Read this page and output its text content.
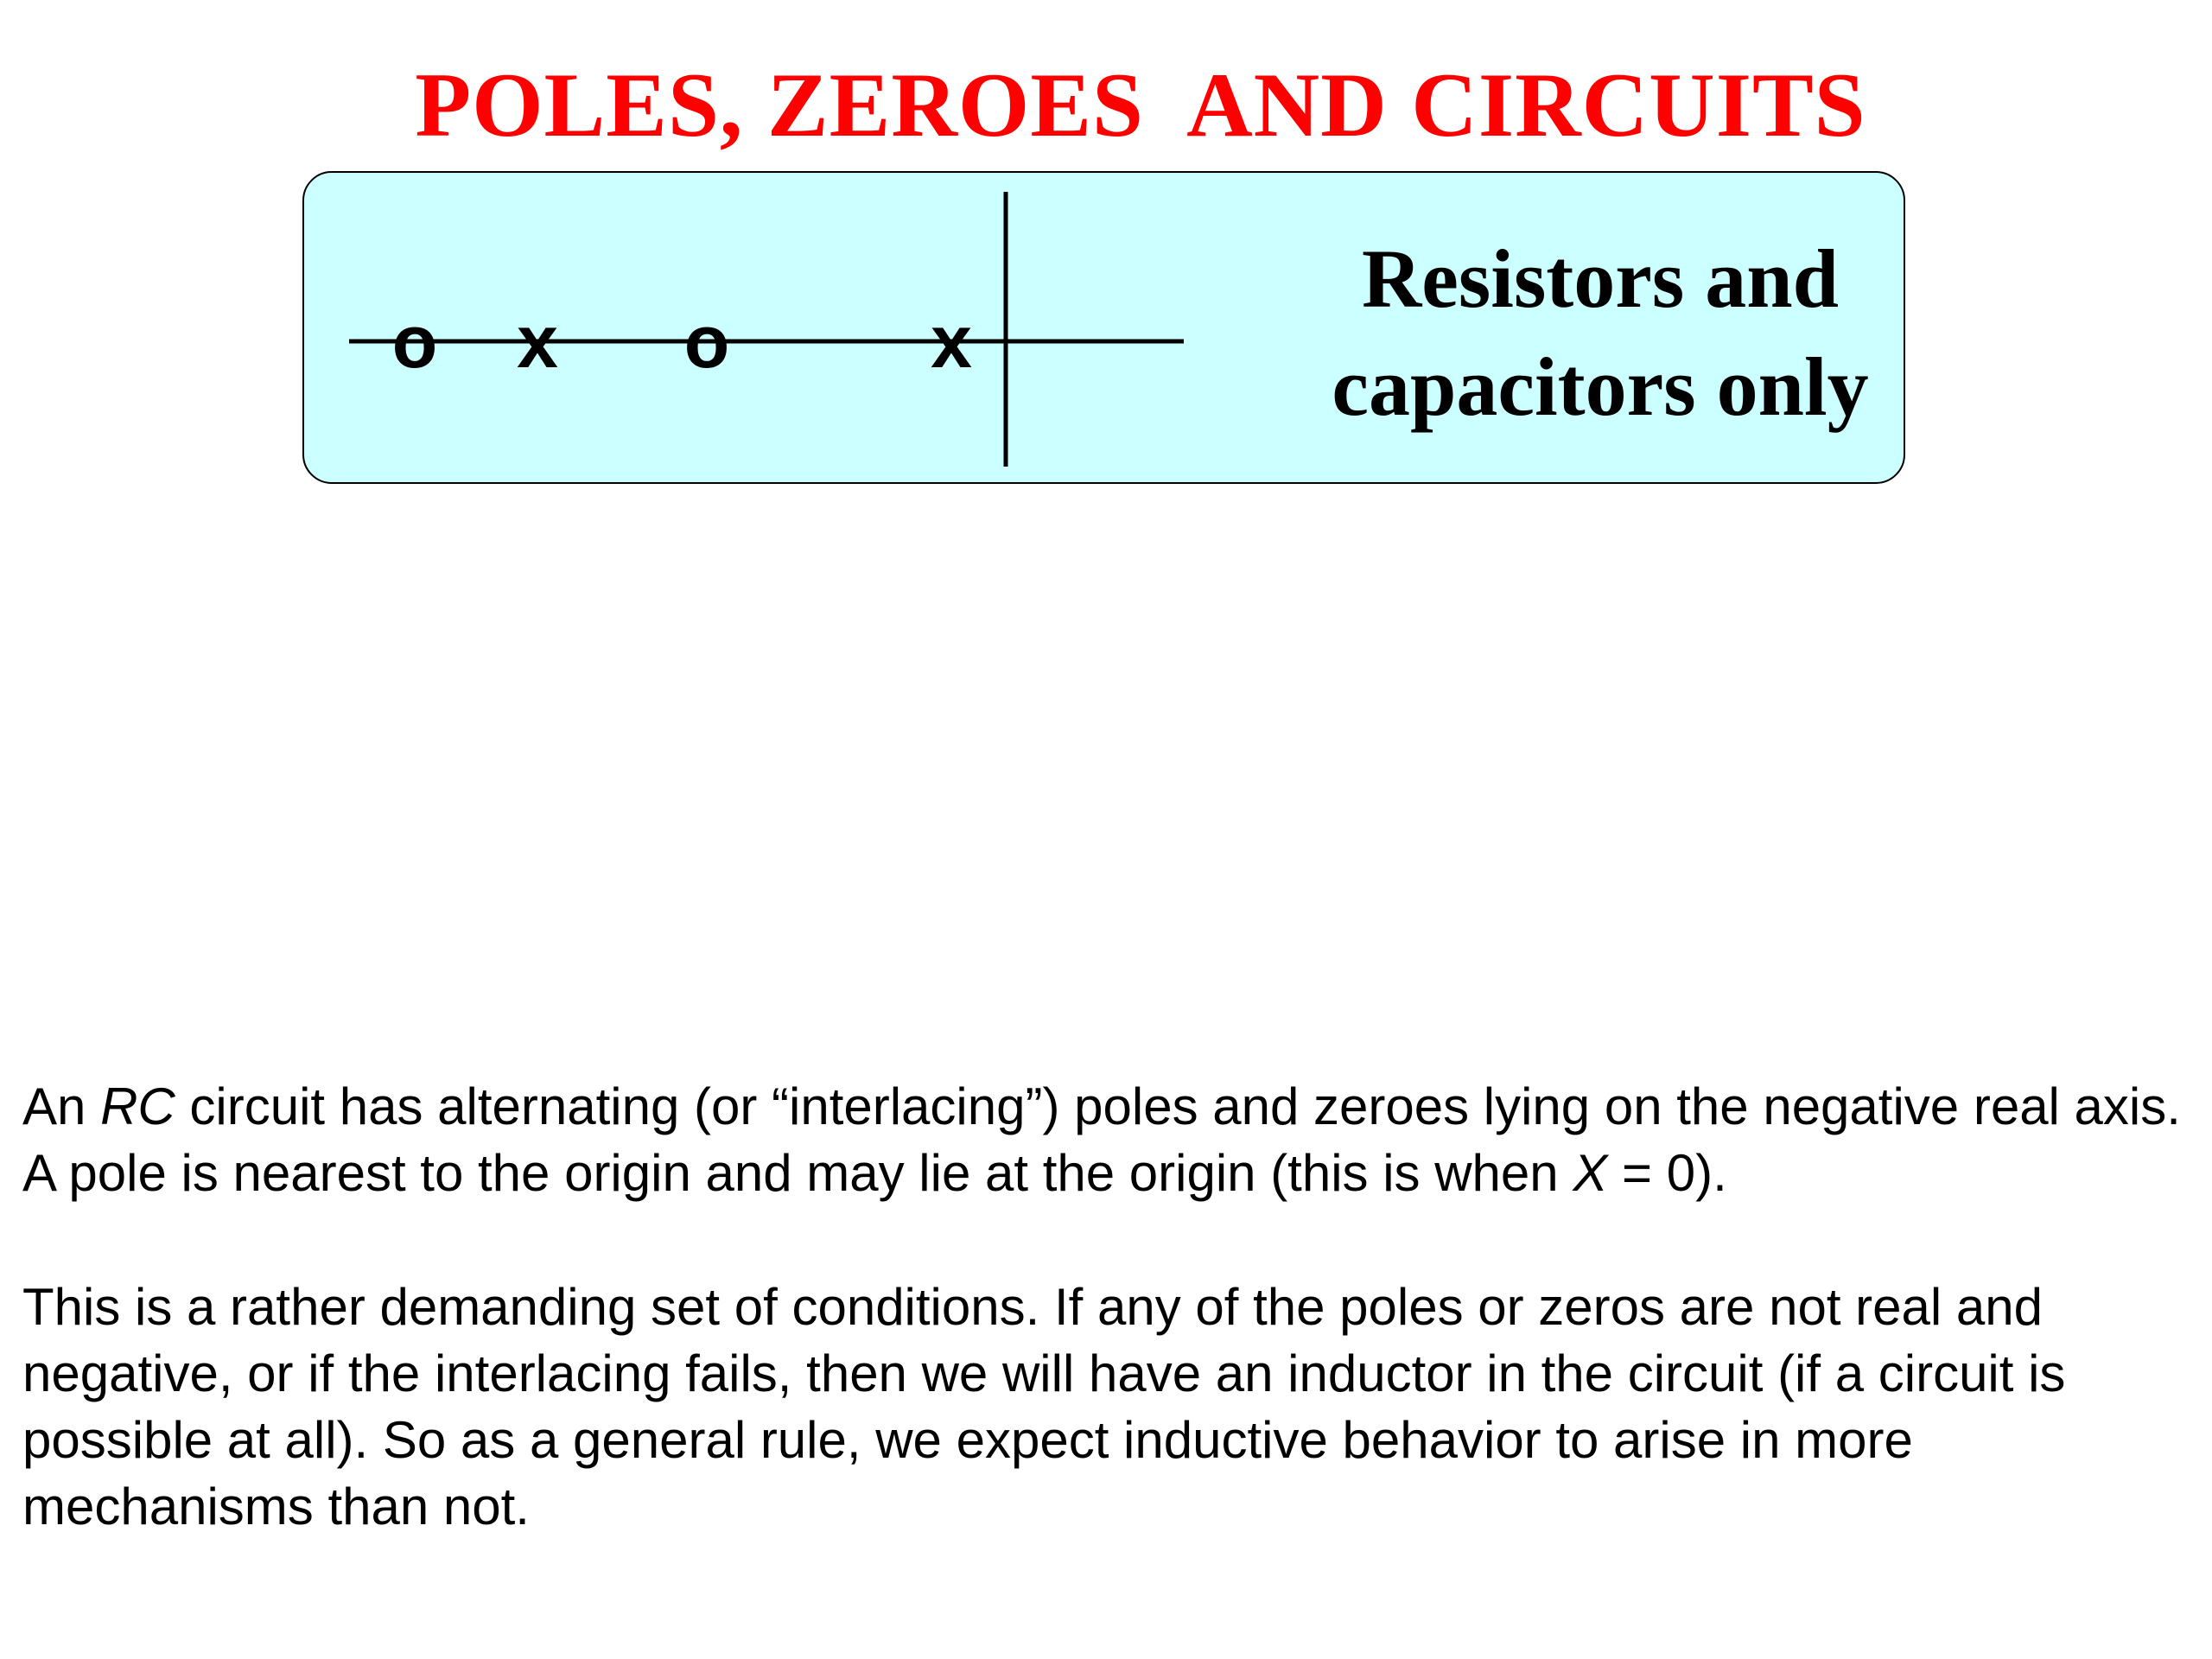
POLES, ZEROES  AND CIRCUITS
o x o	x
Resistors and
capacitors only
An RC circuit has alternating (or “interlacing”) poles and zeroes lying on the negative real axis. A pole is nearest to the origin and may lie at the origin (this is when X = 0).
This is a rather demanding set of conditions. If any of the poles or zeros are not real and negative, or if the interlacing fails, then we will have an inductor in the circuit (if a circuit is possible at all). So as a general rule, we expect inductive behavior to arise in more mechanisms than not.
